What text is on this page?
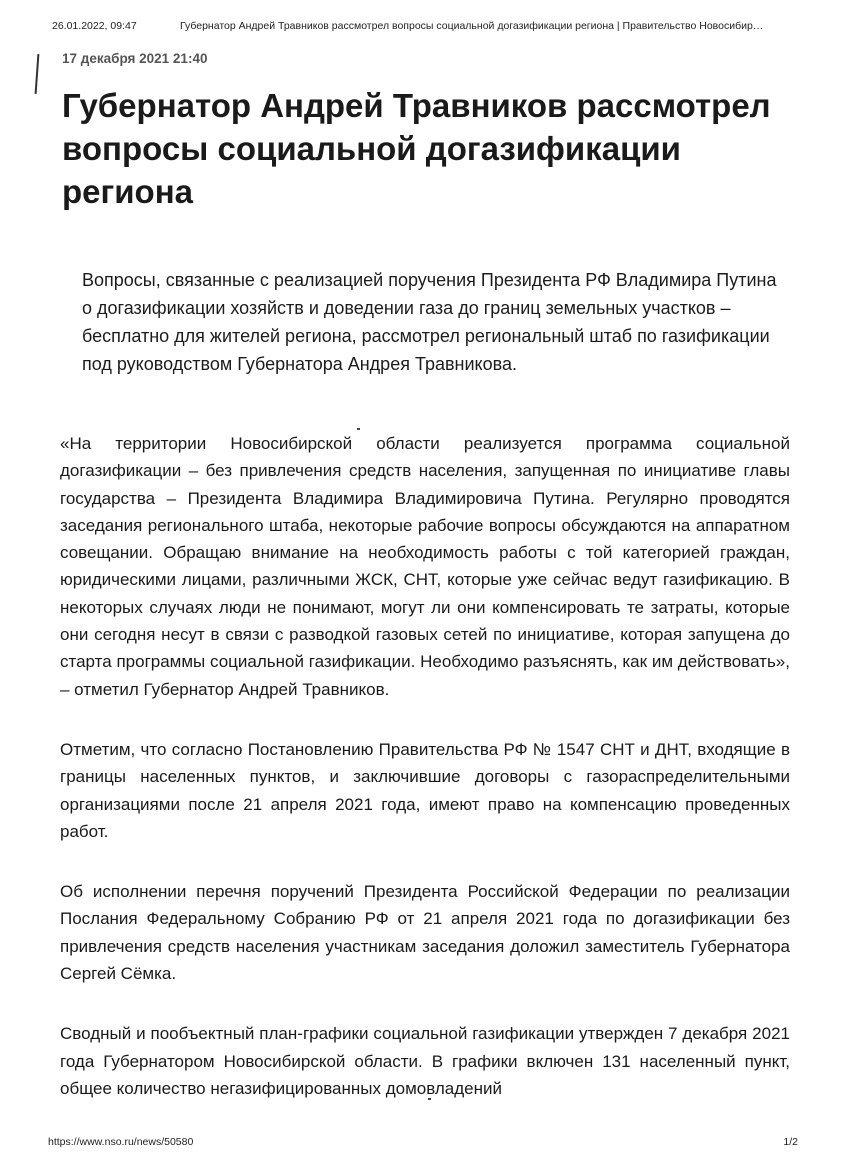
26.01.2022, 09:47	Губернатор Андрей Травников рассмотрел вопросы социальной догазификации региона | Правительство Новосибир…
17 декабря 2021 21:40
Губернатор Андрей Травников рассмотрел вопросы социальной догазификации региона

Вопросы, связанные с реализацией поручения Президента РФ Владимира Путина о догазификации хозяйств и доведении газа до границ земельных участков – бесплатно для жителей региона, рассмотрел региональный штаб по газификации под руководством Губернатора Андрея Травникова.

«На территории Новосибирской области реализуется программа социальной догазификации – без привлечения средств населения, запущенная по инициативе главы государства – Президента Владимира Владимировича Путина. Регулярно проводятся заседания регионального штаба, некоторые рабочие вопросы обсуждаются на аппаратном совещании. Обращаю внимание на необходимость работы с той категорией граждан, юридическими лицами, различными ЖСК, СНТ, которые уже сейчас ведут газификацию. В некоторых случаях люди не понимают, могут ли они компенсировать те затраты, которые они сегодня несут в связи с разводкой газовых сетей по инициативе, которая запущена до старта программы социальной газификации. Необходимо разъяснять, как им действовать», – отметил Губернатор Андрей Травников.

Отметим, что согласно Постановлению Правительства РФ № 1547 СНТ и ДНТ, входящие в границы населенных пунктов, и заключившие договоры с газораспределительными организациями после 21 апреля 2021 года, имеют право на компенсацию проведенных работ.

Об исполнении перечня поручений Президента Российской Федерации по реализации Послания Федеральному Собранию РФ от 21 апреля 2021 года по догазификации без привлечения средств населения участникам заседания доложил заместитель Губернатора Сергей Сёмка.

Сводный и пообъектный план-графики социальной газификации утвержден 7 декабря 2021 года Губернатором Новосибирской области. В графики включен 131 населенный пункт, общее количество негазифицированных домовладений

https://www.nso.ru/news/50580	1/2
